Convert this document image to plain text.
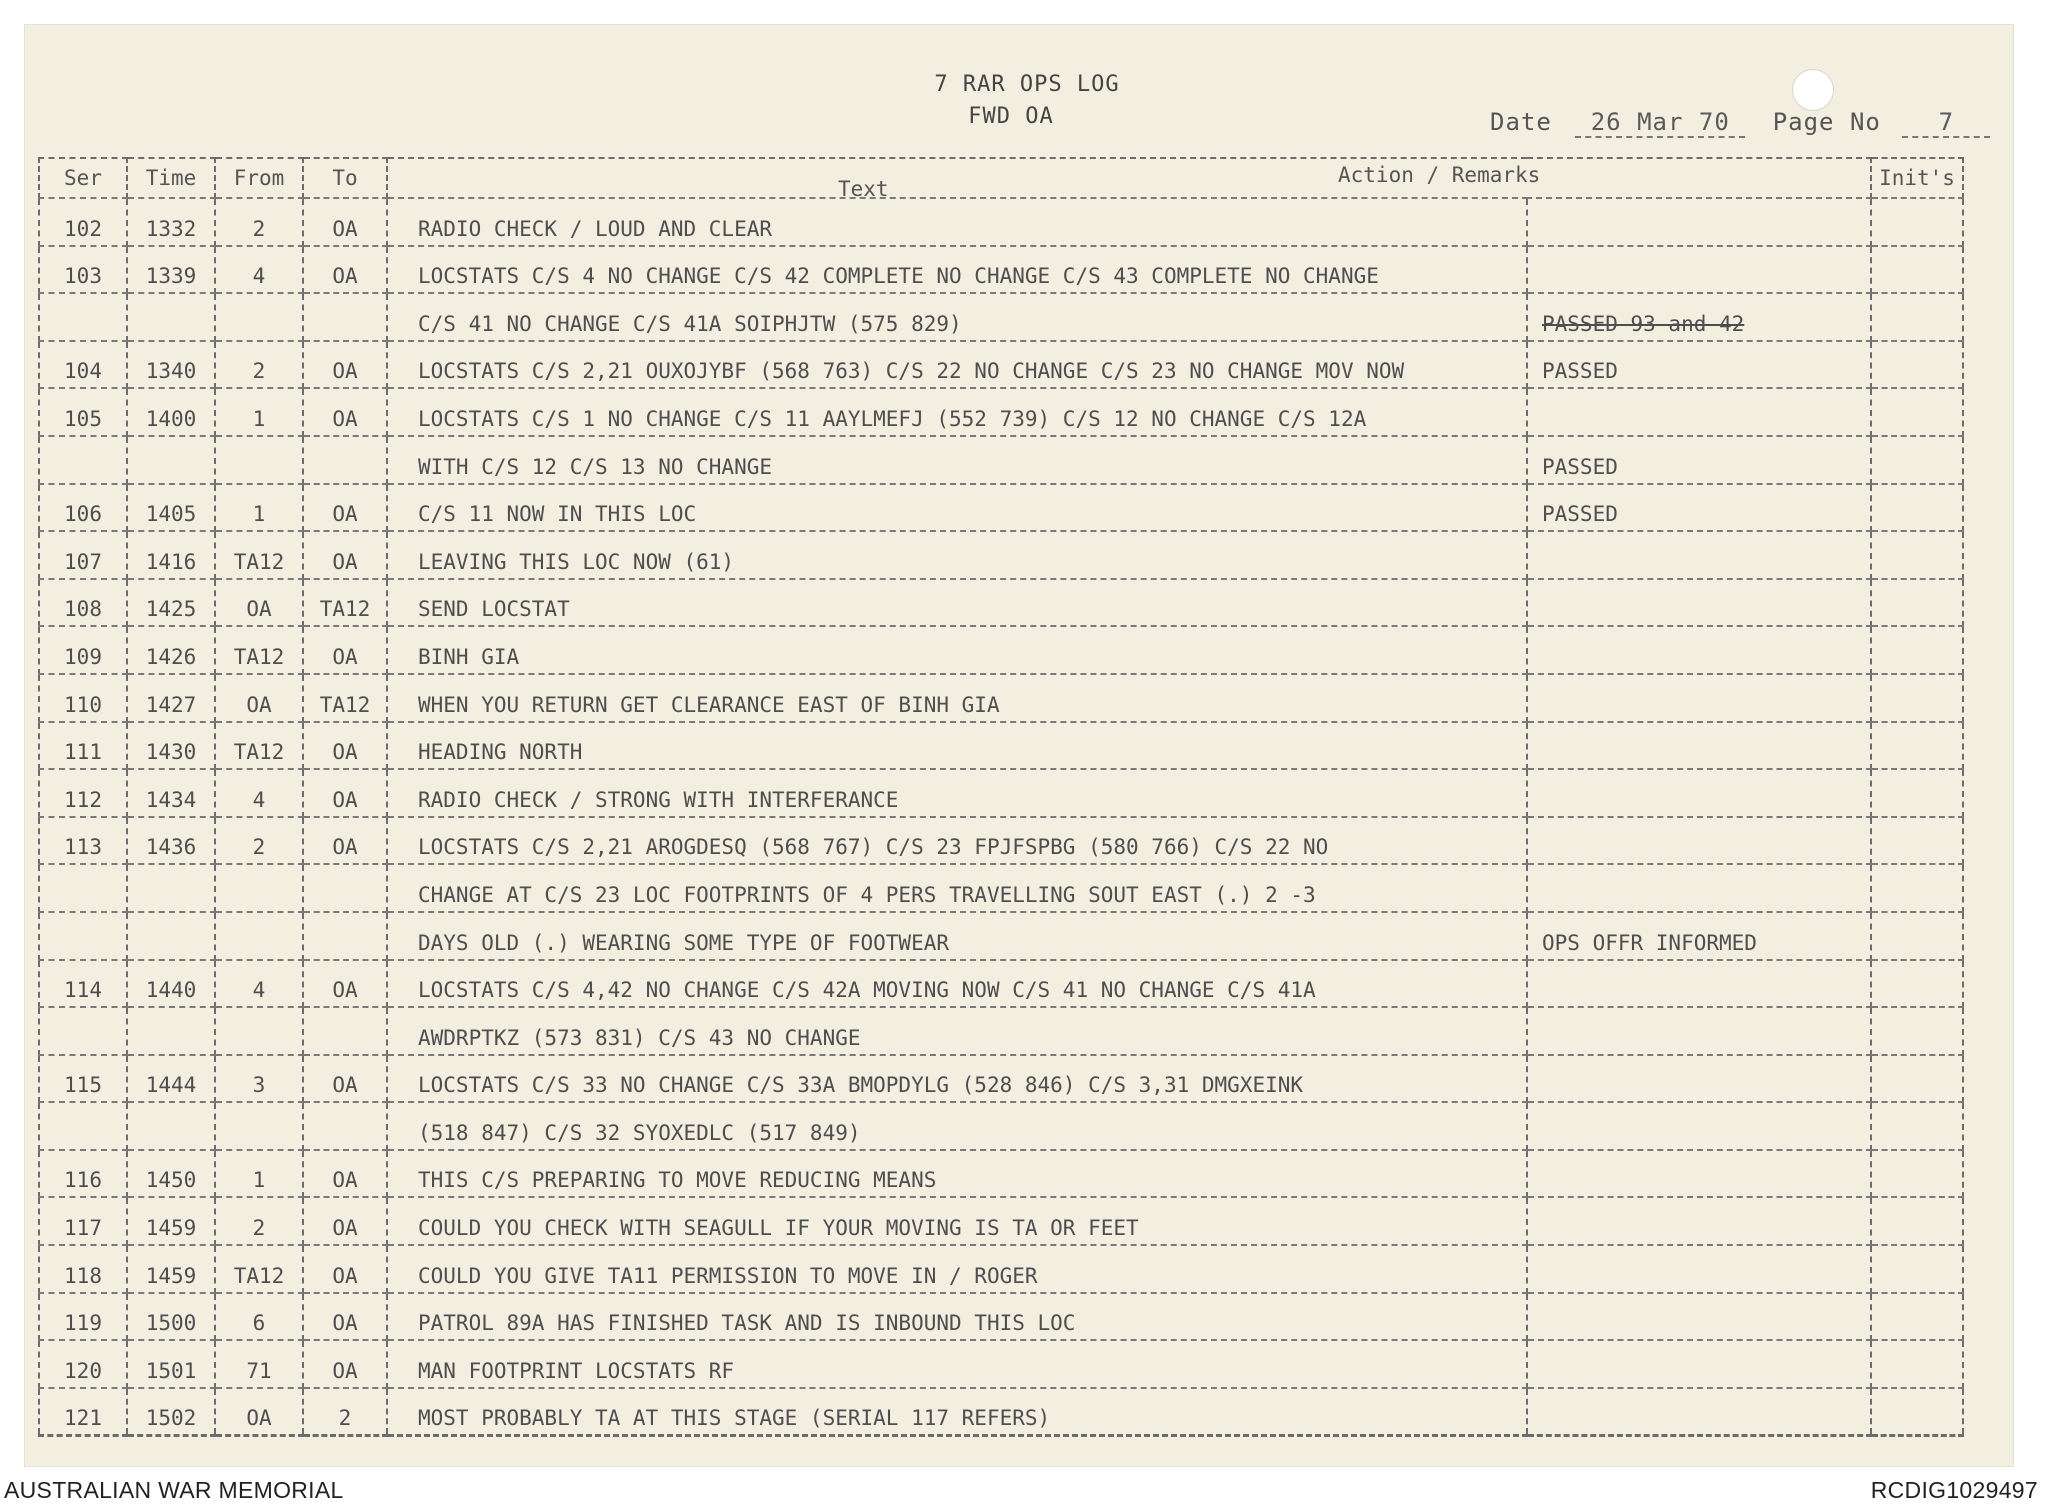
7 RAR OPS LOG
FWD OA	Date 26 Mar 70 Page No 7
Ser	Time	From	To	Text
Action / Remarks		Init's
102	1332	2	OA	RADIO CHECK / LOUD AND CLEAR		
103	1339	4	OA	LOCSTATS C/S 4 NO CHANGE C/S 42 COMPLETE NO CHANGE C/S 43 COMPLETE NO CHANGE		
				C/S 41 NO CHANGE C/S 41A SOIPHJTW (575 829)	PASSED 93 and 42	
104	1340	2	OA	LOCSTATS C/S 2,21 OUXOJYBF (568 763) C/S 22 NO CHANGE C/S 23 NO CHANGE MOV NOW	PASSED	
105	1400	1	OA	LOCSTATS C/S 1 NO CHANGE C/S 11 AAYLMEFJ (552 739) C/S 12 NO CHANGE C/S 12A		
				WITH C/S 12 C/S 13 NO CHANGE	PASSED	
106	1405	1	OA	C/S 11 NOW IN THIS LOC	PASSED	
107	1416	TA12	OA	LEAVING THIS LOC NOW (61)		
108	1425	OA	TA12	SEND LOCSTAT		
109	1426	TA12	OA	BINH GIA		
110	1427	OA	TA12	WHEN YOU RETURN GET CLEARANCE EAST OF BINH GIA		
111	1430	TA12	OA	HEADING NORTH		
112	1434	4	OA	RADIO CHECK / STRONG WITH INTERFERANCE		
113	1436	2	OA	LOCSTATS C/S 2,21 AROGDESQ (568 767) C/S 23 FPJFSPBG (580 766) C/S 22 NO		
				CHANGE AT C/S 23 LOC FOOTPRINTS OF 4 PERS TRAVELLING SOUT EAST (.) 2 -3		
				DAYS OLD (.) WEARING SOME TYPE OF FOOTWEAR	OPS OFFR INFORMED	
114	1440	4	OA	LOCSTATS C/S 4,42 NO CHANGE C/S 42A MOVING NOW C/S 41 NO CHANGE C/S 41A		
				AWDRPTKZ (573 831) C/S 43 NO CHANGE		
115	1444	3	OA	LOCSTATS C/S 33 NO CHANGE C/S 33A BMOPDYLG (528 846) C/S 3,31 DMGXEINK		
				(518 847) C/S 32 SYOXEDLC (517 849)		
116	1450	1	OA	THIS C/S PREPARING TO MOVE REDUCING MEANS		
117	1459	2	OA	COULD YOU CHECK WITH SEAGULL IF YOUR MOVING IS TA OR FEET		
118	1459	TA12	OA	COULD YOU GIVE TA11 PERMISSION TO MOVE IN / ROGER		
119	1500	6	OA	PATROL 89A HAS FINISHED TASK AND IS INBOUND THIS LOC		
120	1501	71	OA	MAN FOOTPRINT LOCSTATS RF		
121	1502	OA	2	MOST PROBABLY TA AT THIS STAGE (SERIAL 117 REFERS)		
AUSTRALIAN WAR MEMORIAL	RCDIG1029497
